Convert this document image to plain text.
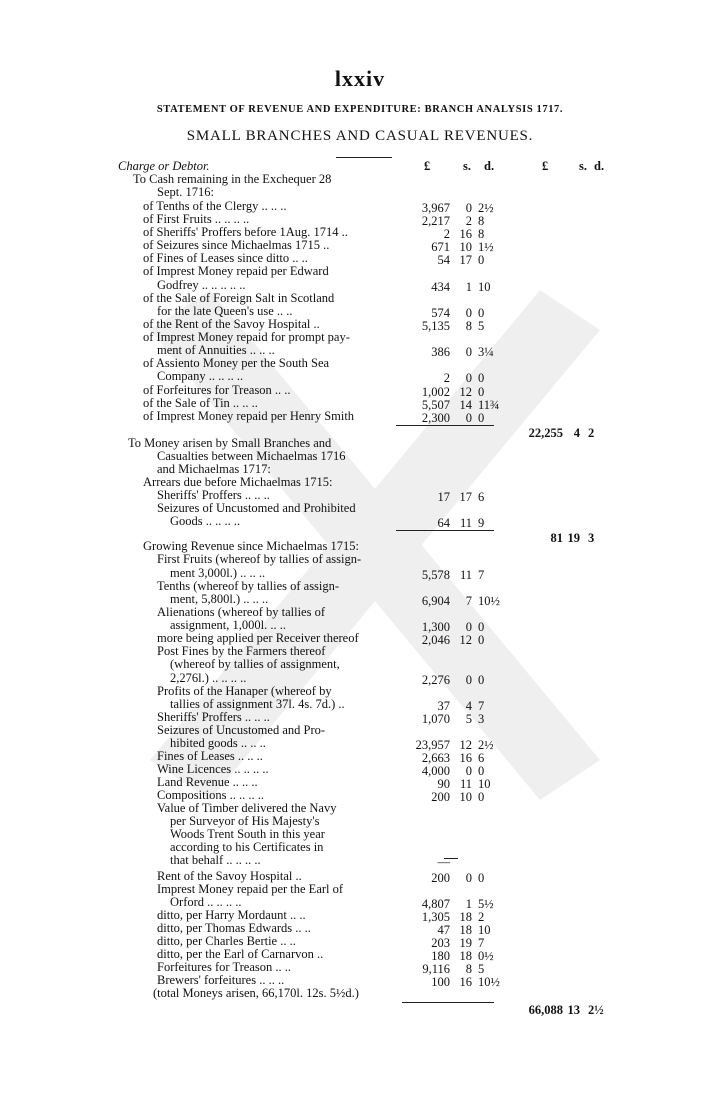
lxxiv
STATEMENT OF REVENUE AND EXPENDITURE: BRANCH ANALYSIS 1717.
SMALL BRANCHES AND CASUAL REVENUES.
Charge or Debtor.	£	s. d.	£ s. d.
To Cash remaining in the Exchequer 28
Sept. 1716:
of Tenths of the Clergy .. .. ..	3,967 0 2½
of First Fruits .. .. .. ..	2,217 2 8
of Sheriffs' Proffers before 1Aug. 1714 ..	2 16 8
of Seizures since Michaelmas 1715 ..	671 10 1½
of Fines of Leases since ditto .. ..	54 17 0
of Imprest Money repaid per Edward
Godfrey .. .. .. .. ..	434 1 10
of the Sale of Foreign Salt in Scotland
for the late Queen's use .. ..	574 0 0
of the Rent of the Savoy Hospital ..	5,135 8 5
of Imprest Money repaid for prompt pay-
ment of Annuities .. .. ..	386 0 3¼
of Assiento Money per the South Sea
Company .. .. .. ..	2 0 0
of Forfeitures for Treason .. ..	1,002 12 0
of the Sale of Tin .. .. ..	5,507 14 11¾
of Imprest Money repaid per Henry Smith	2,300 0 0
22,255 4 2
To Money arisen by Small Branches and
Casualties between Michaelmas 1716
and Michaelmas 1717:
Arrears due before Michaelmas 1715:
Sheriffs' Proffers .. .. ..	17 17 6
Seizures of Uncustomed and Prohibited
Goods .. .. .. ..	64 11 9
81 19 3
Growing Revenue since Michaelmas 1715:
First Fruits (whereof by tallies of assign-
ment 3,000l.) .. .. ..	5,578 11 7
Tenths (whereof by tallies of assign-
ment, 5,800l.) .. .. ..	6,904 7 10½
Alienations (whereof by tallies of
assignment, 1,000l. .. ..	1,300 0 0
more being applied per Receiver thereof	2,046 12 0
Post Fines by the Farmers thereof
(whereof by tallies of assignment,
2,276l.) .. .. .. ..	2,276 0 0
Profits of the Hanaper (whereof by
tallies of assignment 37l. 4s. 7d.) ..	37 4 7
Sheriffs' Proffers .. .. ..	1,070 5 3
Seizures of Uncustomed and Pro-
hibited goods .. .. ..	23,957 12 2½
Fines of Leases .. .. ..	2,663 16 6
Wine Licences .. .. .. ..	4,000 0 0
Land Revenue .. .. ..	90 11 10
Compositions .. .. .. ..	200 10 0
Value of Timber delivered the Navy
per Surveyor of His Majesty's
Woods Trent South in this year
according to his Certificates in
that behalf .. .. .. ..	—
Rent of the Savoy Hospital ..	200 0 0
Imprest Money repaid per the Earl of
Orford .. .. .. ..	4,807 1 5½
ditto, per Harry Mordaunt .. ..	1,305 18 2
ditto, per Thomas Edwards .. ..	47 18 10
ditto, per Charles Bertie .. ..	203 19 7
ditto, per the Earl of Carnarvon ..	180 18 0½
Forfeitures for Treason .. ..	9,116 8 5
Brewers' forfeitures .. .. ..	100 16 10½
(total Moneys arisen, 66,170l. 12s. 5½d.)
66,088 13 2½
